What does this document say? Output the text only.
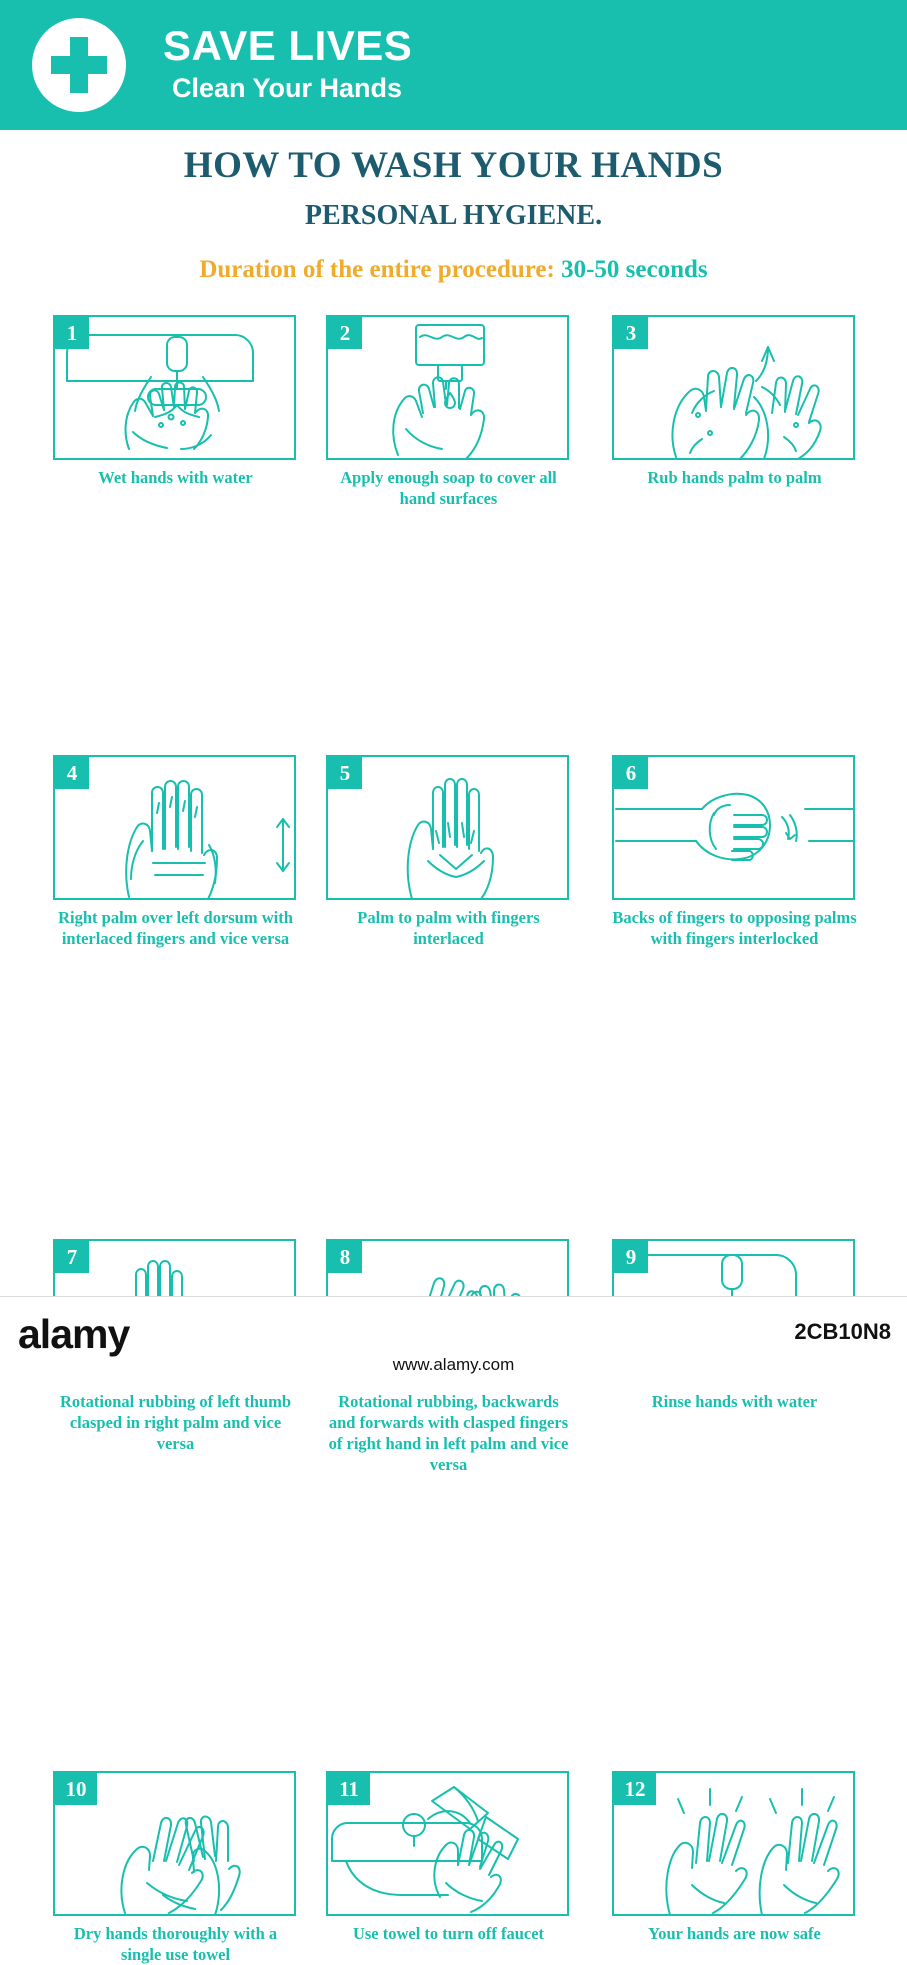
SAVE LIVES
Clean Your Hands
HOW TO WASH YOUR HANDS
PERSONAL HYGIENE.
Duration of the entire procedure: 30-50 seconds
1
Wet hands with water
2
Apply enough soap to cover all hand surfaces
3
Rub hands palm to palm
4
Right palm over left dorsum with interlaced fingers and vice versa
5
Palm to palm with fingers interlaced
6
Backs of fingers to opposing palms with fingers interlocked
7
Rotational rubbing of left thumb clasped in right palm and vice versa
8
Rotational rubbing, backwards and forwards with clasped fingers of right hand in left palm and vice versa
9
Rinse hands with water
10
Dry hands thoroughly with a single use towel
11
Use towel to turn off faucet
12
Your hands are now safe
alamy	2CB10N8
www.alamy.com
